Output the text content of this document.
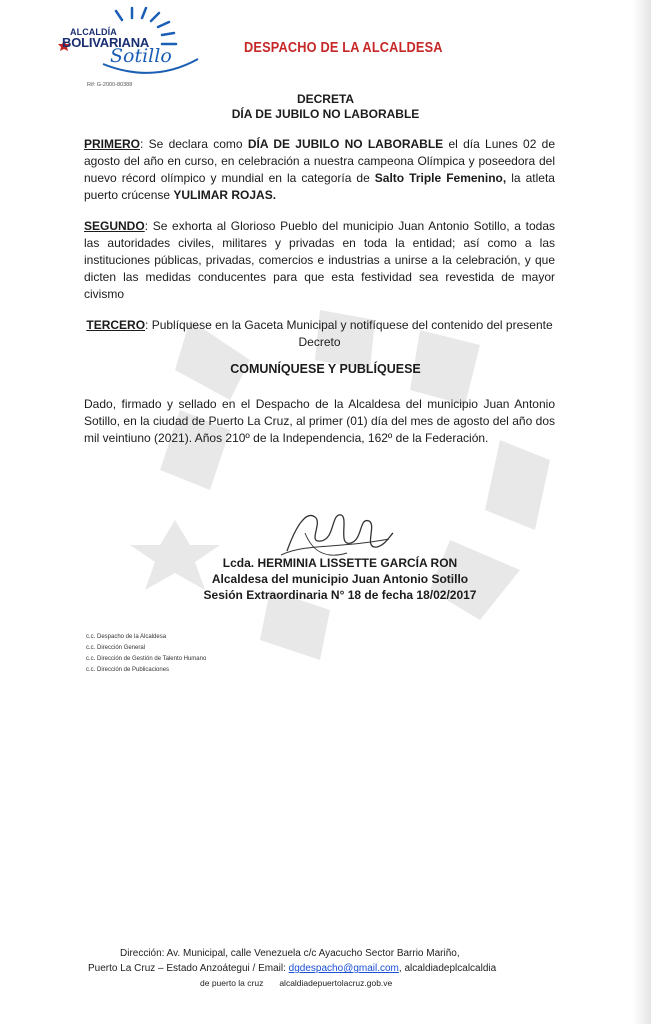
ALCALDÍA
BOLIVARIANA
Sotillo
Rif: G-2000-80388
DESPACHO DE LA ALCALDESA
DECRETA
DÍA DE JUBILO NO LABORABLE
PRIMERO: Se declara como DÍA DE JUBILO NO LABORABLE el día Lunes 02 de agosto del año en curso, en celebración a nuestra campeona Olímpica y poseedora del nuevo récord olímpico y mundial en la categoría de Salto Triple Femenino, la atleta puerto crúcense YULIMAR ROJAS.
SEGUNDO: Se exhorta al Glorioso Pueblo del municipio Juan Antonio Sotillo, a todas las autoridades civiles, militares y privadas en toda la entidad; así como a las instituciones públicas, privadas, comercios e industrias a unirse a la celebración, y que dicten las medidas conducentes para que esta festividad sea revestida de mayor civismo
TERCERO: Publíquese en la Gaceta Municipal y notifíquese del contenido del presente Decreto
COMUNÍQUESE Y PUBLÍQUESE
Dado, firmado y sellado en el Despacho de la Alcaldesa del municipio Juan Antonio Sotillo, en la ciudad de Puerto La Cruz, al primer (01) día del mes de agosto del año dos mil veintiuno (2021). Años 210º de la Independencia, 162º de la Federación.
Lcda. HERMINIA LISSETTE GARCÍA RON
Alcaldesa del municipio Juan Antonio Sotillo
Sesión Extraordinaria N° 18 de fecha 18/02/2017
c.c. Despacho de la Alcaldesa
c.c. Dirección General
c.c. Dirección de Gestión de Talento Humano
c.c. Dirección de Publicaciones
Dirección: Av. Municipal, calle Venezuela c/c Ayacucho Sector Barrio Mariño,
Puerto La Cruz – Estado Anzoátegui / Email: dgdespacho@gmail.com, alcaldiadeplcalcaldia
de puerto la cruz alcaldiadepuertolacruz.gob.ve
